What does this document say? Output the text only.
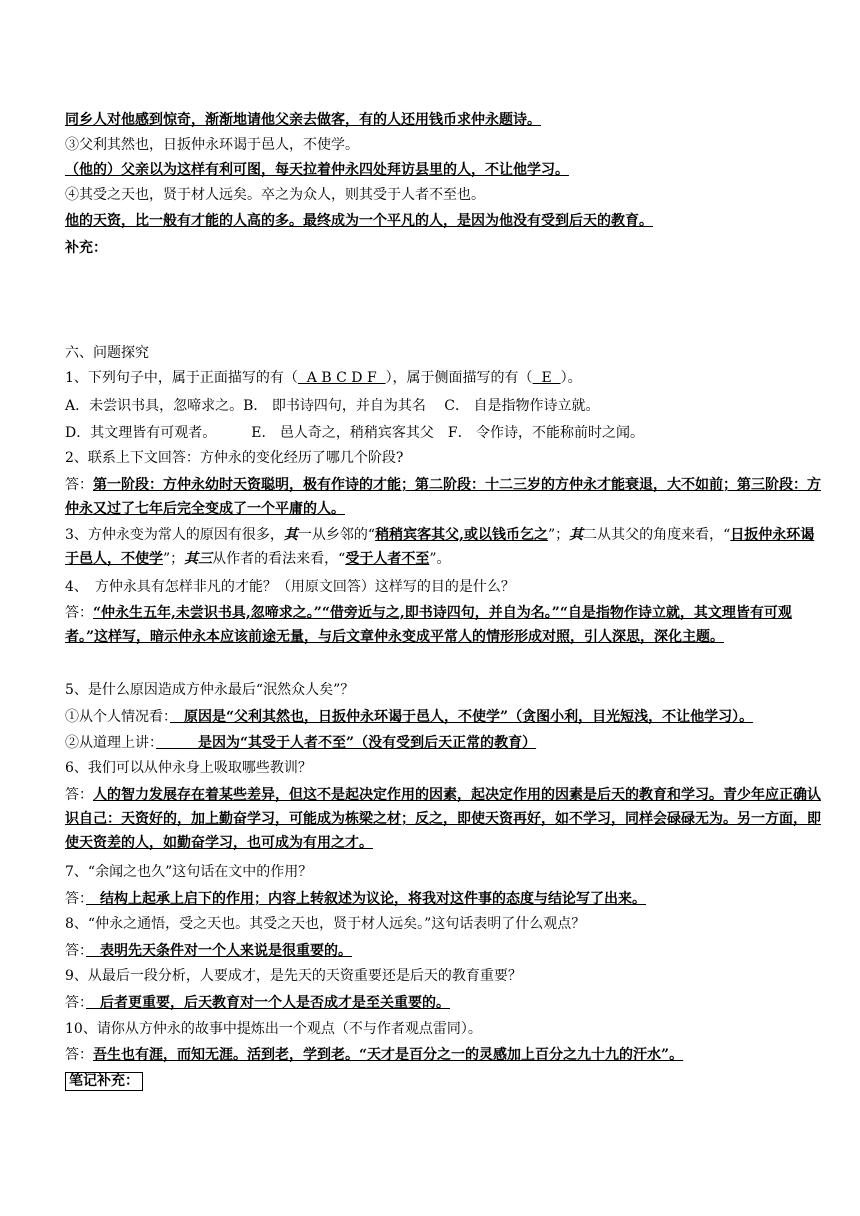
同乡人对他感到惊奇，渐渐地请他父亲去做客，有的人还用钱币求仲永题诗。
③父利其然也，日扳仲永环谒于邑人，不使学。
（他的）父亲以为这样有利可图，每天拉着仲永四处拜访县里的人，不让他学习。
④其受之天也，贤于材人远矣。卒之为众人，则其受于人者不至也。
他的天资，比一般有才能的人高的多。最终成为一个平凡的人，是因为他没有受到后天的教育。
补充：
六、问题探究
1、下列句子中，属于正面描写的有（  A B C D F  ），属于侧面描写的有（  E  ）。
A．未尝识书具，忽啼求之。B． 即书诗四句，并自为其名　 C． 自是指物作诗立就。
D．其文理皆有可观者。　　　E． 邑人奇之，稍稍宾客其父　F． 令作诗，不能称前时之闻。
2、联系上下文回答：方仲永的变化经历了哪几个阶段?
答：第一阶段：方仲永幼时天资聪明，极有作诗的才能；第二阶段：十二三岁的方仲永才能衰退，大不如前；第三阶段：方仲永又过了七年后完全变成了一个平庸的人。
3、方仲永变为常人的原因有很多，其一从乡邻的“稍稍宾客其父,或以钱币乞之”；其二从其父的角度来看，“日扳仲永环谒于邑人，不使学”；其三从作者的看法来看，“受于人者不至”。
4、　方仲永具有怎样非凡的才能？（用原文回答）这样写的目的是什么？
答：“仲永生五年,未尝识书具,忽啼求之。”“借旁近与之,即书诗四句，并自为名。”“自是指物作诗立就，其文理皆有可观者。”这样写，暗示仲永本应该前途无量，与后文章仲永变成平常人的情形形成对照，引人深思，深化主题。
5、是什么原因造成方仲永最后“泯然众人矣”？
①从个人情况看：　原因是“父利其然也，日扳仲永环谒于邑人，不使学”（贪图小利，目光短浅，不让他学习）。
②从道理上讲：　　　是因为“其受于人者不至”（没有受到后天正常的教育）
6、我们可以从仲永身上吸取哪些教训？
答：人的智力发展存在着某些差异，但这不是起决定作用的因素，起决定作用的因素是后天的教育和学习。青少年应正确认识自己：天资好的，加上勤奋学习，可能成为栋梁之材；反之，即使天资再好，如不学习，同样会碌碌无为。另一方面，即使天资差的人，如勤奋学习，也可成为有用之才。
7、“余闻之也久”这句话在文中的作用？
答：　结构上起承上启下的作用；内容上转叙述为议论，将我对这件事的态度与结论写了出来。
8、“仲永之通悟，受之天也。其受之天也，贤于材人远矣。”这句话表明了什么观点？
答：　表明先天条件对一个人来说是很重要的。
9、从最后一段分析，人要成才，是先天的天资重要还是后天的教育重要？
答：　后者更重要，后天教育对一个人是否成才是至关重要的。
10、请你从方仲永的故事中提炼出一个观点（不与作者观点雷同）。
答：吾生也有涯，而知无涯。活到老，学到老。“天才是百分之一的灵感加上百分之九十九的汗水”。
笔记补充：
